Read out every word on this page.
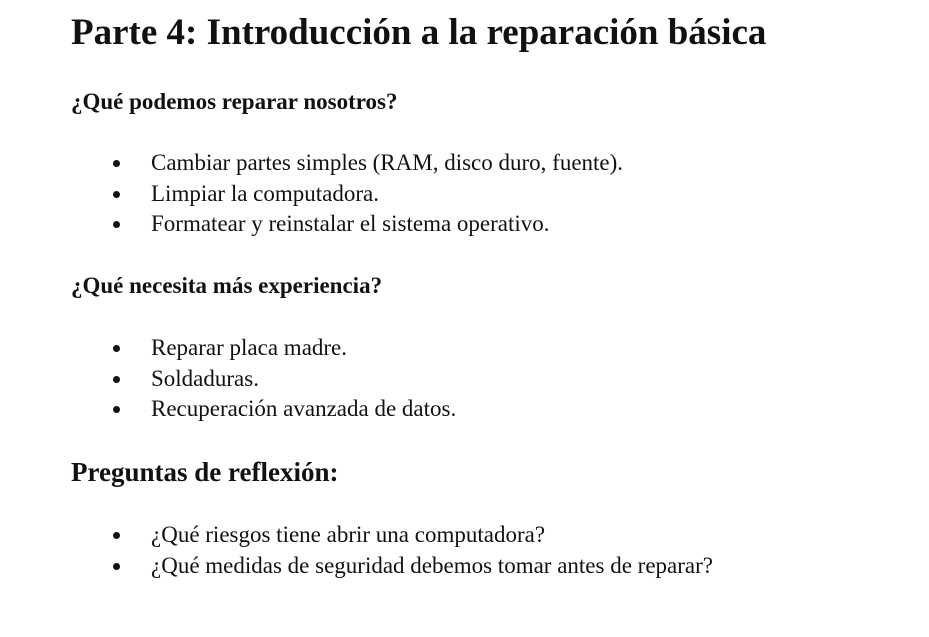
Parte 4: Introducción a la reparación básica
¿Qué podemos reparar nosotros?
Cambiar partes simples (RAM, disco duro, fuente).
Limpiar la computadora.
Formatear y reinstalar el sistema operativo.
¿Qué necesita más experiencia?
Reparar placa madre.
Soldaduras.
Recuperación avanzada de datos.
Preguntas de reflexión:
¿Qué riesgos tiene abrir una computadora?
¿Qué medidas de seguridad debemos tomar antes de reparar?
